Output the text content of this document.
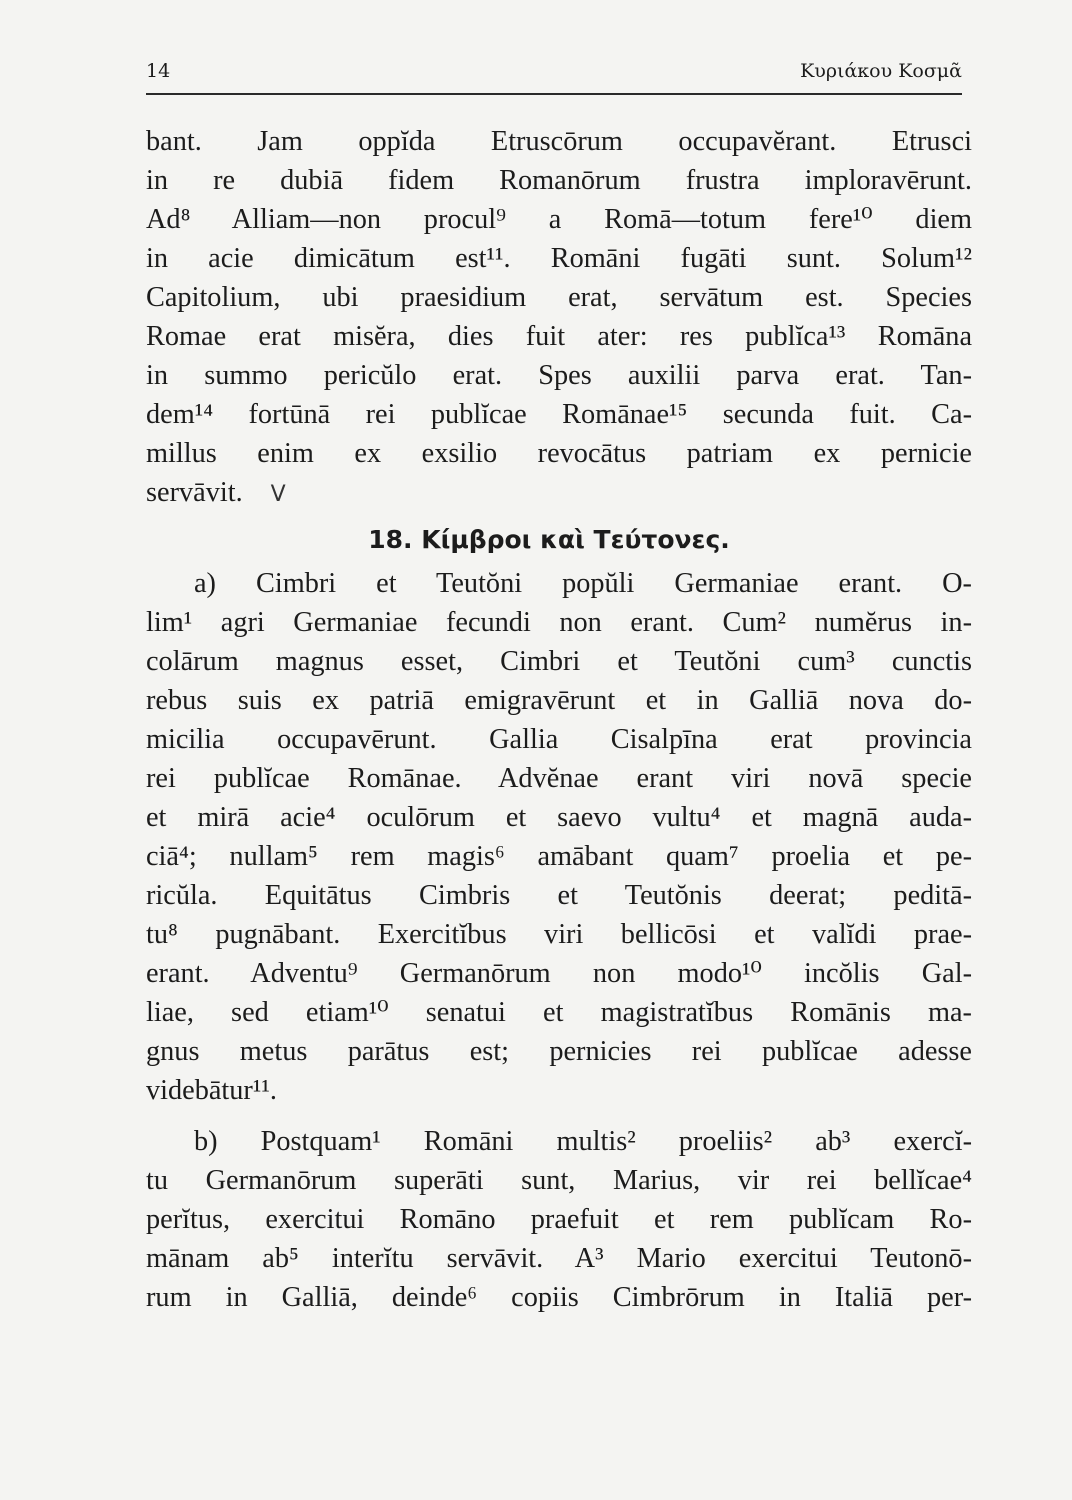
14	Κυριάκου Κοσμᾶ
bant. Jam oppĭda Etruscōrum occupavĕrant. Etrusci
in re dubiā fidem Romanōrum frustra imploravērunt.
Ad⁸ Alliam—non procul⁹ a Romā—totum fere¹⁰ diem
in acie dimicātum est¹¹. Romāni fugāti sunt. Solum¹²
Capitolium, ubi praesidium erat, servātum est. Species
Romae erat misĕra, dies fuit ater: res publĭca¹³ Romāna
in summo pericŭlo erat. Spes auxilii parva erat. Tan-
dem¹⁴ fortūnā rei publĭcae Romānae¹⁵ secunda fuit. Ca-
millus enim ex exsilio revocātus patriam ex pernicie
servāvit. V
18. Κίμβροι καὶ Τεύτονες.
a) Cimbri et Teutŏni popŭli Germaniae erant. O-
lim¹ agri Germaniae fecundi non erant. Cum² numĕrus in-
colārum magnus esset, Cimbri et Teutŏni cum³ cunctis
rebus suis ex patriā emigravērunt et in Galliā nova do-
micilia occupavērunt. Gallia Cisalpīna erat provincia
rei publĭcae Romānae. Advĕnae erant viri novā specie
et mirā acie⁴ oculōrum et saevo vultu⁴ et magnā auda-
ciā⁴; nullam⁵ rem magis⁶ amābant quam⁷ proelia et pe-
ricŭla. Equitātus Cimbris et Teutŏnis deerat; peditā-
tu⁸ pugnābant. Exercitĭbus viri bellicōsi et valĭdi prae-
erant. Adventu⁹ Germanōrum non modo¹⁰ incŏlis Gal-
liae, sed etiam¹⁰ senatui et magistratĭbus Romānis ma-
gnus metus parātus est; pernicies rei publĭcae adesse
videbātur¹¹.
b) Postquam¹ Romāni multis² proeliis² ab³ exercĭ-
tu Germanōrum superāti sunt, Marius, vir rei bellĭcae⁴
perĭtus, exercitui Romāno praefuit et rem publĭcam Ro-
mānam ab⁵ interĭtu servāvit. A³ Mario exercitui Teutonō-
rum in Galliā, deinde⁶ copiis Cimbrōrum in Italiā per-
